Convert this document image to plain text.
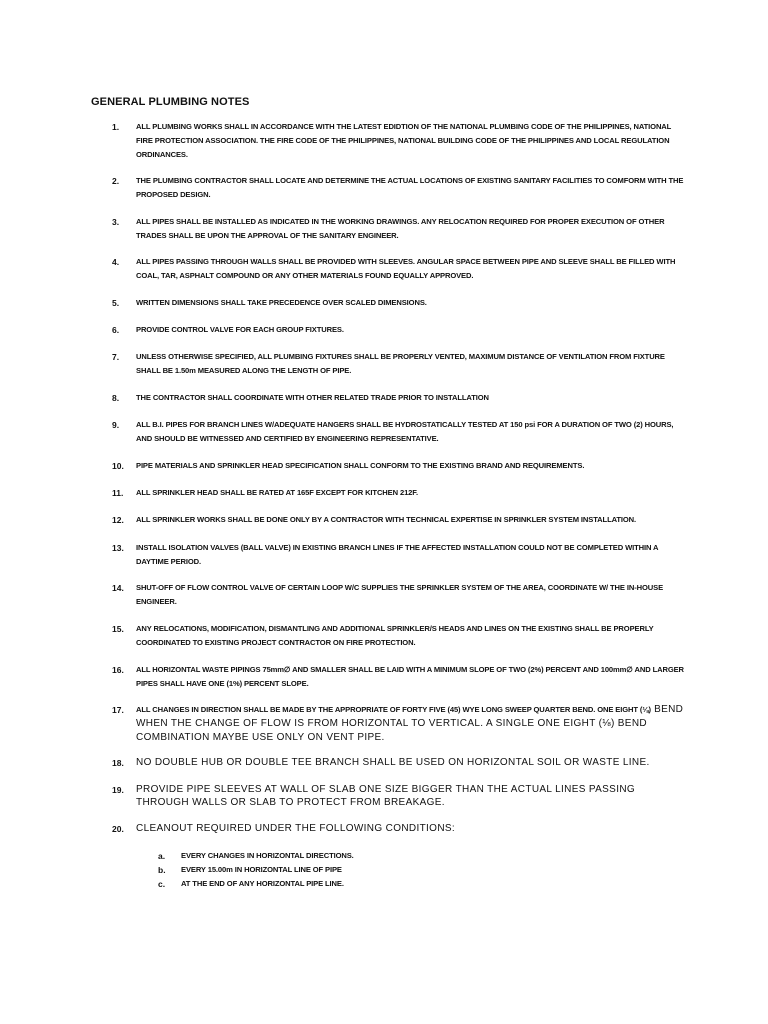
GENERAL PLUMBING NOTES
1. ALL PLUMBING WORKS SHALL IN ACCORDANCE WITH THE LATEST EDIDTION OF THE NATIONAL PLUMBING CODE OF THE PHILIPPINES, NATIONAL FIRE PROTECTION ASSOCIATION. THE FIRE CODE OF THE PHILIPPINES, NATIONAL BUILDING CODE OF THE PHILIPPINES AND LOCAL REGULATION ORDINANCES.
2. THE PLUMBING CONTRACTOR SHALL LOCATE AND DETERMINE THE ACTUAL LOCATIONS OF EXISTING SANITARY FACILITIES TO COMFORM WITH THE PROPOSED DESIGN.
3. ALL PIPES SHALL BE INSTALLED AS INDICATED IN THE WORKING DRAWINGS. ANY RELOCATION REQUIRED FOR PROPER EXECUTION OF OTHER TRADES SHALL BE UPON THE APPROVAL OF THE SANITARY ENGINEER.
4. ALL PIPES PASSING THROUGH WALLS SHALL BE PROVIDED WITH SLEEVES. ANGULAR SPACE BETWEEN PIPE AND SLEEVE SHALL BE FILLED WITH COAL, TAR, ASPHALT COMPOUND OR ANY OTHER MATERIALS FOUND EQUALLY APPROVED.
5. WRITTEN DIMENSIONS SHALL TAKE PRECEDENCE OVER SCALED DIMENSIONS.
6. PROVIDE CONTROL VALVE FOR EACH GROUP FIXTURES.
7. UNLESS OTHERWISE SPECIFIED, ALL PLUMBING FIXTURES SHALL BE PROPERLY VENTED, MAXIMUM DISTANCE OF VENTILATION FROM FIXTURE SHALL BE 1.50m MEASURED ALONG THE LENGTH OF PIPE.
8. THE CONTRACTOR SHALL COORDINATE WITH OTHER RELATED TRADE PRIOR TO INSTALLATION
9. ALL B.I. PIPES FOR BRANCH LINES W/ADEQUATE HANGERS SHALL BE HYDROSTATICALLY TESTED AT 150 psi FOR A DURATION OF TWO (2) HOURS, AND SHOULD BE WITNESSED AND CERTIFIED BY ENGINEERING REPRESENTATIVE.
10. PIPE MATERIALS AND SPRINKLER HEAD SPECIFICATION SHALL CONFORM TO THE EXISTING BRAND AND REQUIREMENTS.
11. ALL SPRINKLER HEAD SHALL BE RATED AT 165F EXCEPT FOR KITCHEN 212F.
12. ALL SPRINKLER WORKS SHALL BE DONE ONLY BY A CONTRACTOR WITH TECHNICAL EXPERTISE IN SPRINKLER SYSTEM INSTALLATION.
13. INSTALL ISOLATION VALVES (BALL VALVE) IN EXISTING BRANCH LINES IF THE AFFECTED INSTALLATION COULD NOT BE COMPLETED WITHIN A DAYTIME PERIOD.
14. SHUT-OFF OF FLOW CONTROL VALVE OF CERTAIN LOOP W/C SUPPLIES THE SPRINKLER SYSTEM OF THE AREA, COORDINATE W/ THE IN-HOUSE ENGINEER.
15. ANY RELOCATIONS, MODIFICATION, DISMANTLING AND ADDITIONAL SPRINKLER/S HEADS AND LINES ON THE EXISTING SHALL BE PROPERLY COORDINATED TO EXISTING PROJECT CONTRACTOR ON FIRE PROTECTION.
16. ALL HORIZONTAL WASTE PIPINGS 75mm∅ AND SMALLER SHALL BE LAID WITH A MINIMUM SLOPE OF TWO (2%) PERCENT AND 100mm∅ AND LARGER PIPES SHALL HAVE ONE (1%) PERCENT SLOPE.
17. ALL CHANGES IN DIRECTION SHALL BE MADE BY THE APPROPRIATE OF FORTY FIVE (45) WYE LONG SWEEP QUARTER BEND. ONE EIGHT (⅛) BEND WHEN THE CHANGE OF FLOW IS FROM HORIZONTAL TO VERTICAL. A SINGLE ONE EIGHT (⅛) BEND COMBINATION MAYBE USE ONLY ON VENT PIPE.
18. NO DOUBLE HUB OR DOUBLE TEE BRANCH SHALL BE USED ON HORIZONTAL SOIL OR WASTE LINE.
19. PROVIDE PIPE SLEEVES AT WALL OF SLAB ONE SIZE BIGGER THAN THE ACTUAL LINES PASSING THROUGH WALLS OR SLAB TO PROTECT FROM BREAKAGE.
20. CLEANOUT REQUIRED UNDER THE FOLLOWING CONDITIONS:
a. EVERY CHANGES IN HORIZONTAL DIRECTIONS.
b. EVERY 15.00m IN HORIZONTAL LINE OF PIPE
c. AT THE END OF ANY HORIZONTAL PIPE LINE.
